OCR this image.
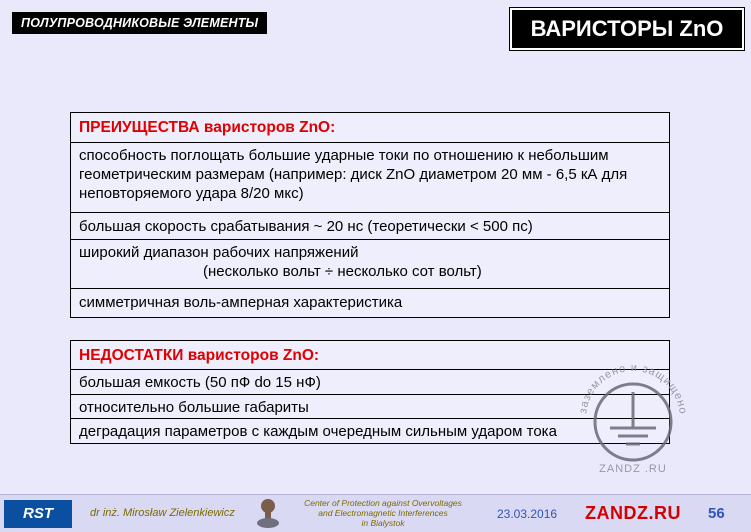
ПОЛУПРОВОДНИКОВЫЕ ЭЛЕМЕНТЫ	ВАРИСТОРЫ ZnO
ПРЕИУЩЕСТВА варисторов ZnO:
способность поглощать большие ударные токи по отношению к небольшим геометрическим размерам (например: диск ZnO диаметром 20 мм - 6,5 кА для неповторяемого удара 8/20 мкс)
большая скорость срабатывания ~ 20 нс (теоретически < 500 пс)
широкий диапазон рабочих напряжений
(несколько вольт ÷ несколько сот вольт)
симметричная воль-амперная характеристика
НЕДОСТАТКИ варисторов ZnO:
большая емкость (50 пФ do 15 нФ)
относительно большие габариты
деградация параметров с каждым очередным сильным ударом тока
заземлено и защищено
ZANDZ .RU
RST	dr inż. Mirosław Zielenkiewicz
Center of Protection against Overvoltages
and Electromagnetic Interferences
in Bialystok
23.03.2016 ZANDZ.RU 56
